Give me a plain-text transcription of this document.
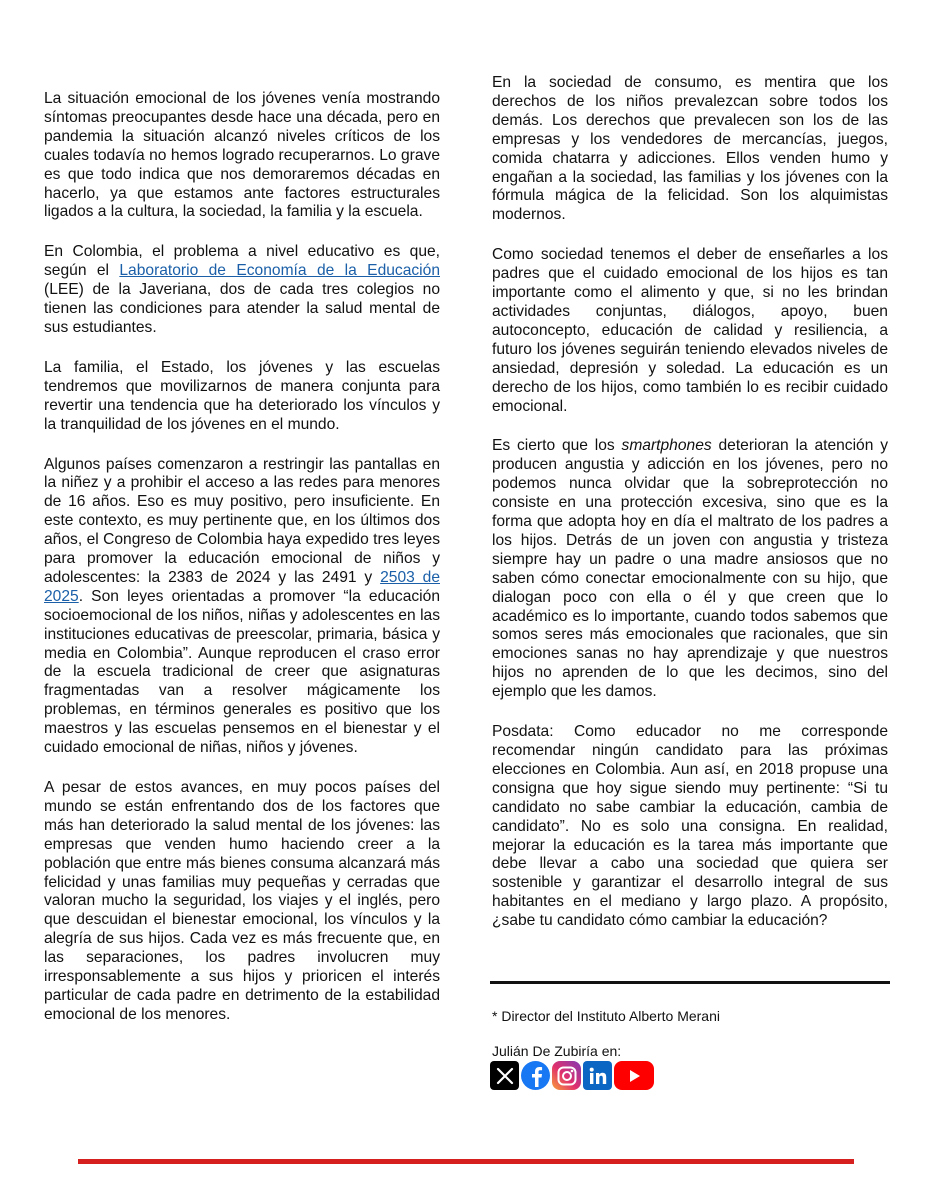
La situación emocional de los jóvenes venía mostrando síntomas preocupantes desde hace una década, pero en pandemia la situación alcanzó niveles críticos de los cuales todavía no hemos logrado recuperarnos. Lo grave es que todo indica que nos demoraremos décadas en hacerlo, ya que estamos ante factores estructurales ligados a la cultura, la sociedad, la familia y la escuela.

En Colombia, el problema a nivel educativo es que, según el Laboratorio de Economía de la Educación (LEE) de la Javeriana, dos de cada tres colegios no tienen las condiciones para atender la salud mental de sus estudiantes.

La familia, el Estado, los jóvenes y las escuelas tendremos que movilizarnos de manera conjunta para revertir una tendencia que ha deteriorado los vínculos y la tranquilidad de los jóvenes en el mundo.

Algunos países comenzaron a restringir las pantallas en la niñez y a prohibir el acceso a las redes para menores de 16 años. Eso es muy positivo, pero insuficiente. En este contexto, es muy pertinente que, en los últimos dos años, el Congreso de Colombia haya expedido tres leyes para promover la educación emocional de niños y adolescentes: la 2383 de 2024 y las 2491 y 2503 de 2025. Son leyes orientadas a promover “la educación socioemocional de los niños, niñas y adolescentes en las instituciones educativas de preescolar, primaria, básica y media en Colombia”. Aunque reproducen el craso error de la escuela tradicional de creer que asignaturas fragmentadas van a resolver mágicamente los problemas, en términos generales es positivo que los maestros y las escuelas pensemos en el bienestar y el cuidado emocional de niñas, niños y jóvenes.

A pesar de estos avances, en muy pocos países del mundo se están enfrentando dos de los factores que más han deteriorado la salud mental de los jóvenes: las empresas que venden humo haciendo creer a la población que entre más bienes consuma alcanzará más felicidad y unas familias muy pequeñas y cerradas que valoran mucho la seguridad, los viajes y el inglés, pero que descuidan el bienestar emocional, los vínculos y la alegría de sus hijos. Cada vez es más frecuente que, en las separaciones, los padres involucren muy irresponsablemente a sus hijos y prioricen el interés particular de cada padre en detrimento de la estabilidad emocional de los menores.

En la sociedad de consumo, es mentira que los derechos de los niños prevalezcan sobre todos los demás. Los derechos que prevalecen son los de las empresas y los vendedores de mercancías, juegos, comida chatarra y adicciones. Ellos venden humo y engañan a la sociedad, las familias y los jóvenes con la fórmula mágica de la felicidad. Son los alquimistas modernos.

Como sociedad tenemos el deber de enseñarles a los padres que el cuidado emocional de los hijos es tan importante como el alimento y que, si no les brindan actividades conjuntas, diálogos, apoyo, buen autoconcepto, educación de calidad y resiliencia, a futuro los jóvenes seguirán teniendo elevados niveles de ansiedad, depresión y soledad. La educación es un derecho de los hijos, como también lo es recibir cuidado emocional.

Es cierto que los smartphones deterioran la atención y producen angustia y adicción en los jóvenes, pero no podemos nunca olvidar que la sobreprotección no consiste en una protección excesiva, sino que es la forma que adopta hoy en día el maltrato de los padres a los hijos. Detrás de un joven con angustia y tristeza siempre hay un padre o una madre ansiosos que no saben cómo conectar emocionalmente con su hijo, que dialogan poco con ella o él y que creen que lo académico es lo importante, cuando todos sabemos que somos seres más emocionales que racionales, que sin emociones sanas no hay aprendizaje y que nuestros hijos no aprenden de lo que les decimos, sino del ejemplo que les damos.

Posdata: Como educador no me corresponde recomendar ningún candidato para las próximas elecciones en Colombia. Aun así, en 2018 propuse una consigna que hoy sigue siendo muy pertinente: “Si tu candidato no sabe cambiar la educación, cambia de candidato”. No es solo una consigna. En realidad, mejorar la educación es la tarea más importante que debe llevar a cabo una sociedad que quiera ser sostenible y garantizar el desarrollo integral de sus habitantes en el mediano y largo plazo. A propósito, ¿sabe tu candidato cómo cambiar la educación?

* Director del Instituto Alberto Merani
Julián De Zubiría en:
